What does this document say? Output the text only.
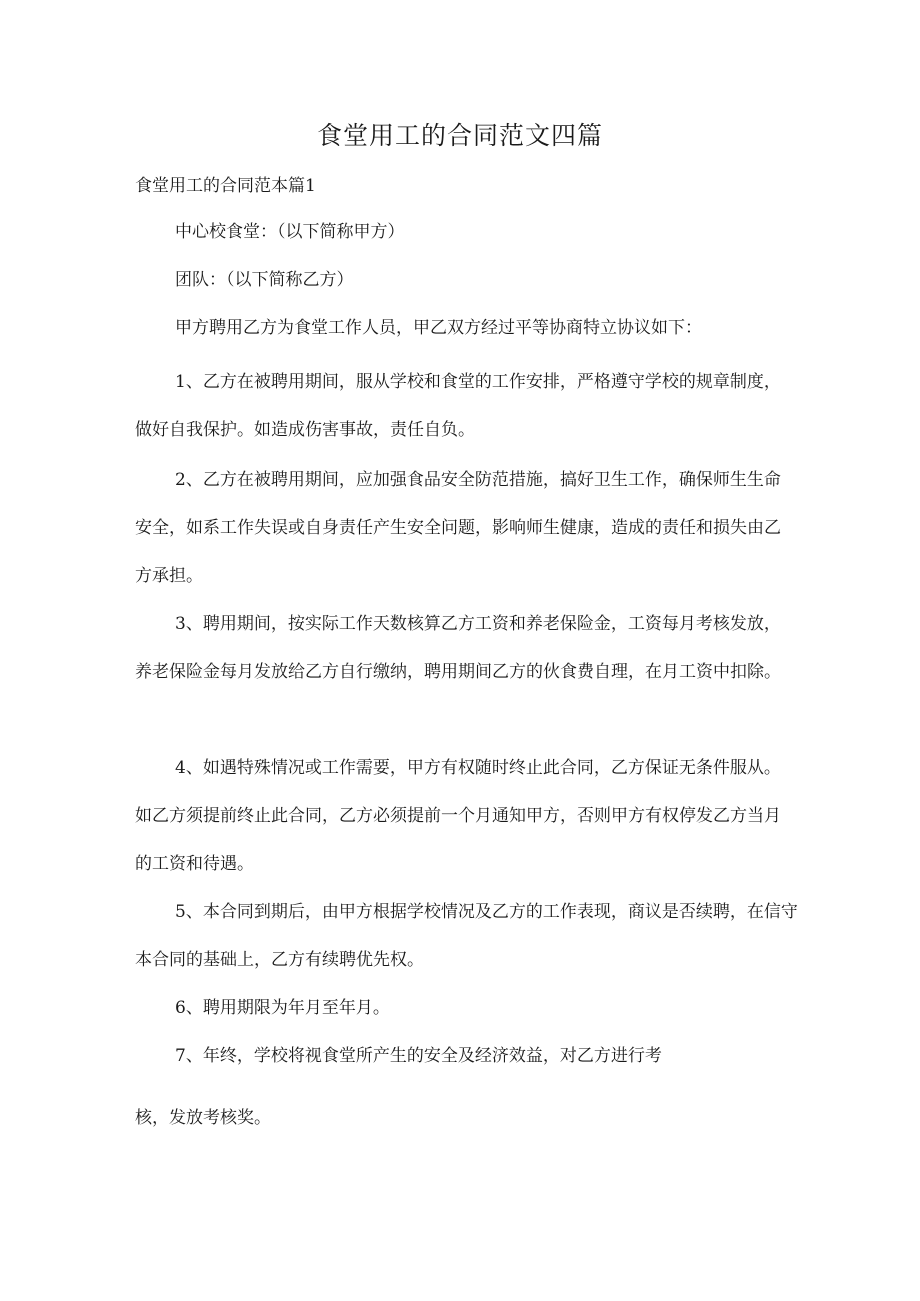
食堂用工的合同范文四篇
食堂用工的合同范本篇1

中心校食堂：（以下简称甲方）

团队：（以下简称乙方）

甲方聘用乙方为食堂工作人员，甲乙双方经过平等协商特立协议如下：

1、乙方在被聘用期间，服从学校和食堂的工作安排，严格遵守学校的规章制度，做好自我保护。如造成伤害事故，责任自负。

2、乙方在被聘用期间，应加强食品安全防范措施，搞好卫生工作，确保师生生命安全，如系工作失误或自身责任产生安全问题，影响师生健康，造成的责任和损失由乙方承担。

3、聘用期间，按实际工作天数核算乙方工资和养老保险金，工资每月考核发放，养老保险金每月发放给乙方自行缴纳，聘用期间乙方的伙食费自理，在月工资中扣除。

4、如遇特殊情况或工作需要，甲方有权随时终止此合同，乙方保证无条件服从。如乙方须提前终止此合同，乙方必须提前一个月通知甲方，否则甲方有权停发乙方当月的工资和待遇。

5、本合同到期后，由甲方根据学校情况及乙方的工作表现，商议是否续聘，在信守本合同的基础上，乙方有续聘优先权。

6、聘用期限为年月至年月。

7、年终，学校将视食堂所产生的安全及经济效益，对乙方进行考

核，发放考核奖。
